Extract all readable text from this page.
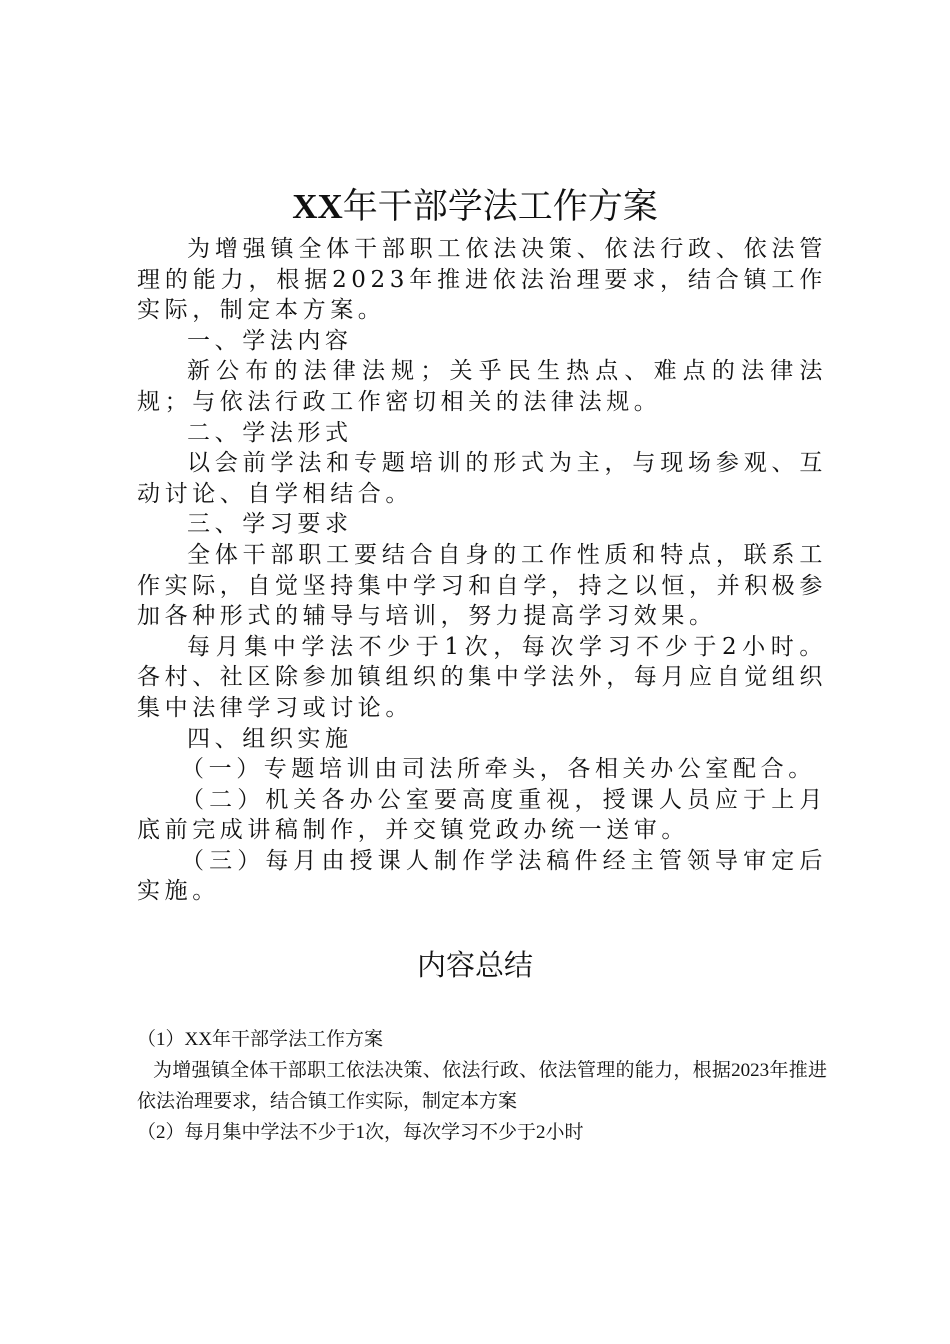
XX年干部学法工作方案

为增强镇全体干部职工依法决策、依法行政、依法管理的能力，根据2023年推进依法治理要求，结合镇工作实际，制定本方案。

一、学法内容

新公布的法律法规；关乎民生热点、难点的法律法规；与依法行政工作密切相关的法律法规。

二、学法形式

以会前学法和专题培训的形式为主，与现场参观、互动讨论、自学相结合。

三、学习要求

全体干部职工要结合自身的工作性质和特点，联系工作实际，自觉坚持集中学习和自学，持之以恒，并积极参加各种形式的辅导与培训，努力提高学习效果。

每月集中学法不少于1次，每次学习不少于2小时。各村、社区除参加镇组织的集中学法外，每月应自觉组织集中法律学习或讨论。

四、组织实施

（一）专题培训由司法所牵头，各相关办公室配合。

（二）机关各办公室要高度重视，授课人员应于上月底前完成讲稿制作，并交镇党政办统一送审。

（三）每月由授课人制作学法稿件经主管领导审定后实施。

内容总结

（1）XX年干部学法工作方案

为增强镇全体干部职工依法决策、依法行政、依法管理的能力，根据2023年推进依法治理要求，结合镇工作实际，制定本方案

（2）每月集中学法不少于1次，每次学习不少于2小时
